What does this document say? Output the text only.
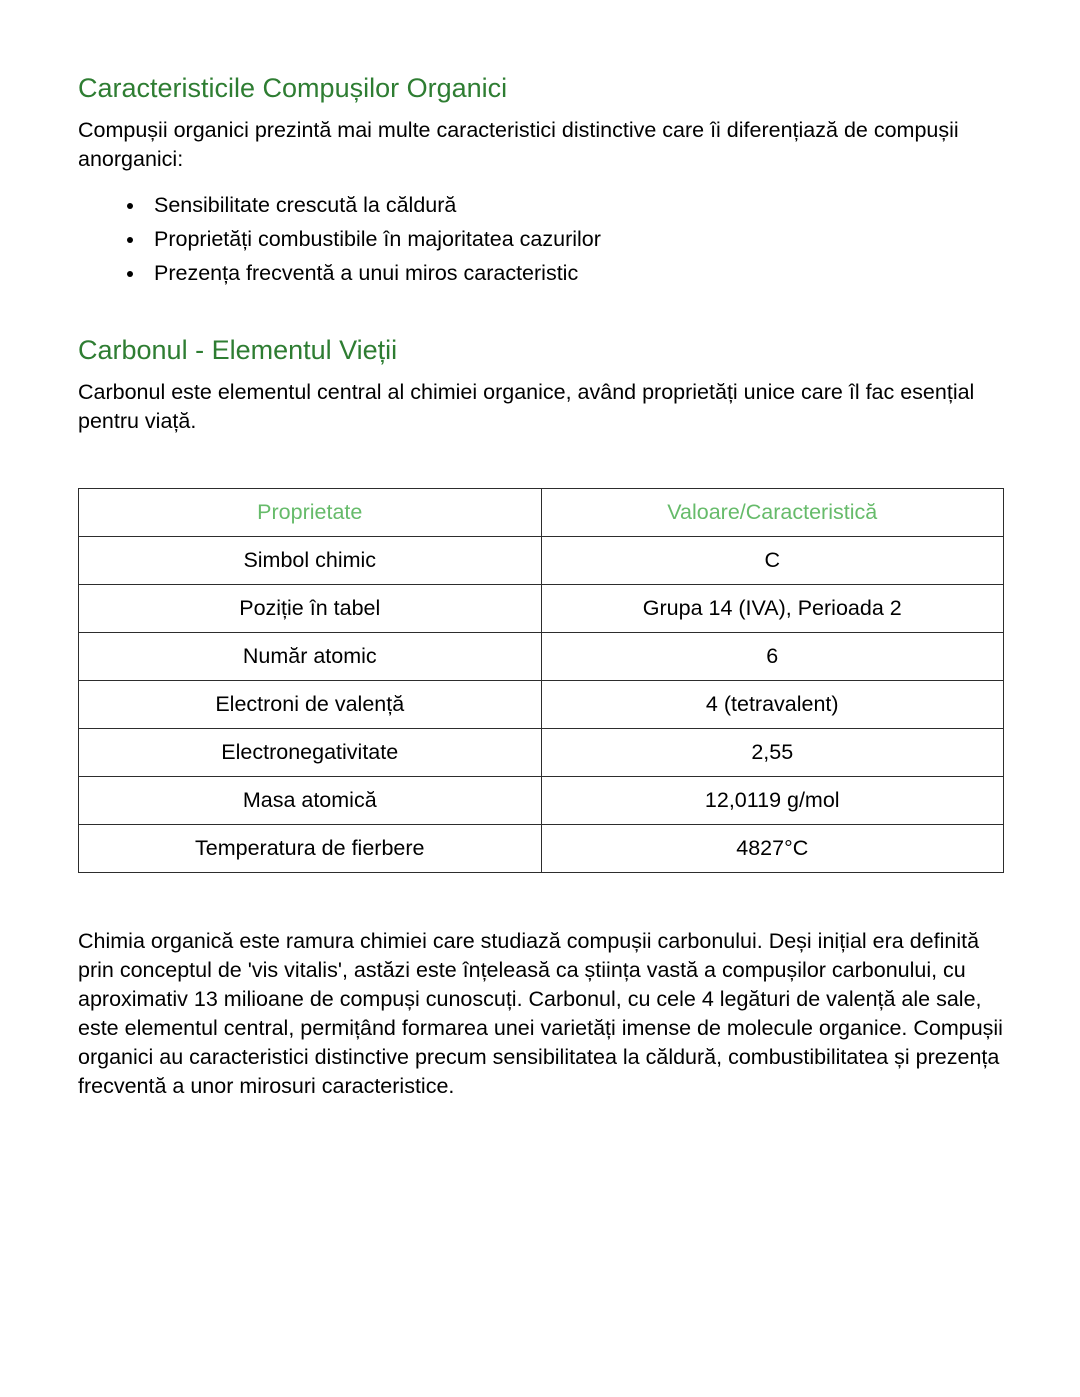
Caracteristicile Compușilor Organici

Compușii organici prezintă mai multe caracteristici distinctive care îi diferențiază de compușii anorganici:

• Sensibilitate crescută la căldură
• Proprietăți combustibile în majoritatea cazurilor
• Prezența frecventă a unui miros caracteristic
Carbonul - Elementul Vieții

Carbonul este elementul central al chimiei organice, având proprietăți unice care îl fac esențial pentru viață.

Proprietate	Valoare/Caracteristică
Simbol chimic	C
Poziție în tabel	Grupa 14 (IVA), Perioada 2
Număr atomic	6
Electroni de valență	4 (tetravalent)
Electronegativitate	2,55
Masa atomică	12,0119 g/mol
Temperatura de fierbere	4827°C

Chimia organică este ramura chimiei care studiază compușii carbonului. Deși inițial era definită prin conceptul de 'vis vitalis', astăzi este înțeleasă ca știința vastă a compușilor carbonului, cu aproximativ 13 milioane de compuși cunoscuți. Carbonul, cu cele 4 legături de valență ale sale, este elementul central, permițând formarea unei varietăți imense de molecule organice. Compușii organici au caracteristici distinctive precum sensibilitatea la căldură, combustibilitatea și prezența frecventă a unor mirosuri caracteristice.
